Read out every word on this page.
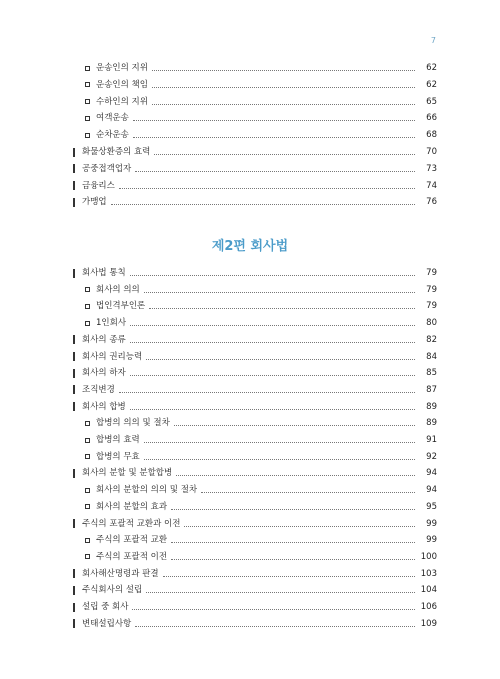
7
운송인의 지위	62
운송인의 책임	62
수하인의 지위	65
여객운송	66
순차운송	68
화물상환증의 효력	70
공중접객업자	73
금융리스	74
가맹업	76
제2편 회사법
회사법 통칙	79
회사의 의의	79
법인격부인론	79
1인회사	80
회사의 종류	82
회사의 권리능력	84
회사의 하자	85
조직변경	87
회사의 합병	89
합병의 의의 및 절차	89
합병의 효력	91
합병의 무효	92
회사의 분할 및 분할합병	94
회사의 분할의 의의 및 절차	94
회사의 분할의 효과	95
주식의 포괄적 교환과 이전	99
주식의 포괄적 교환	99
주식의 포괄적 이전	100
회사해산명령과 판결	103
주식회사의 설립	104
설립 중 회사	106
변태설립사항	109
